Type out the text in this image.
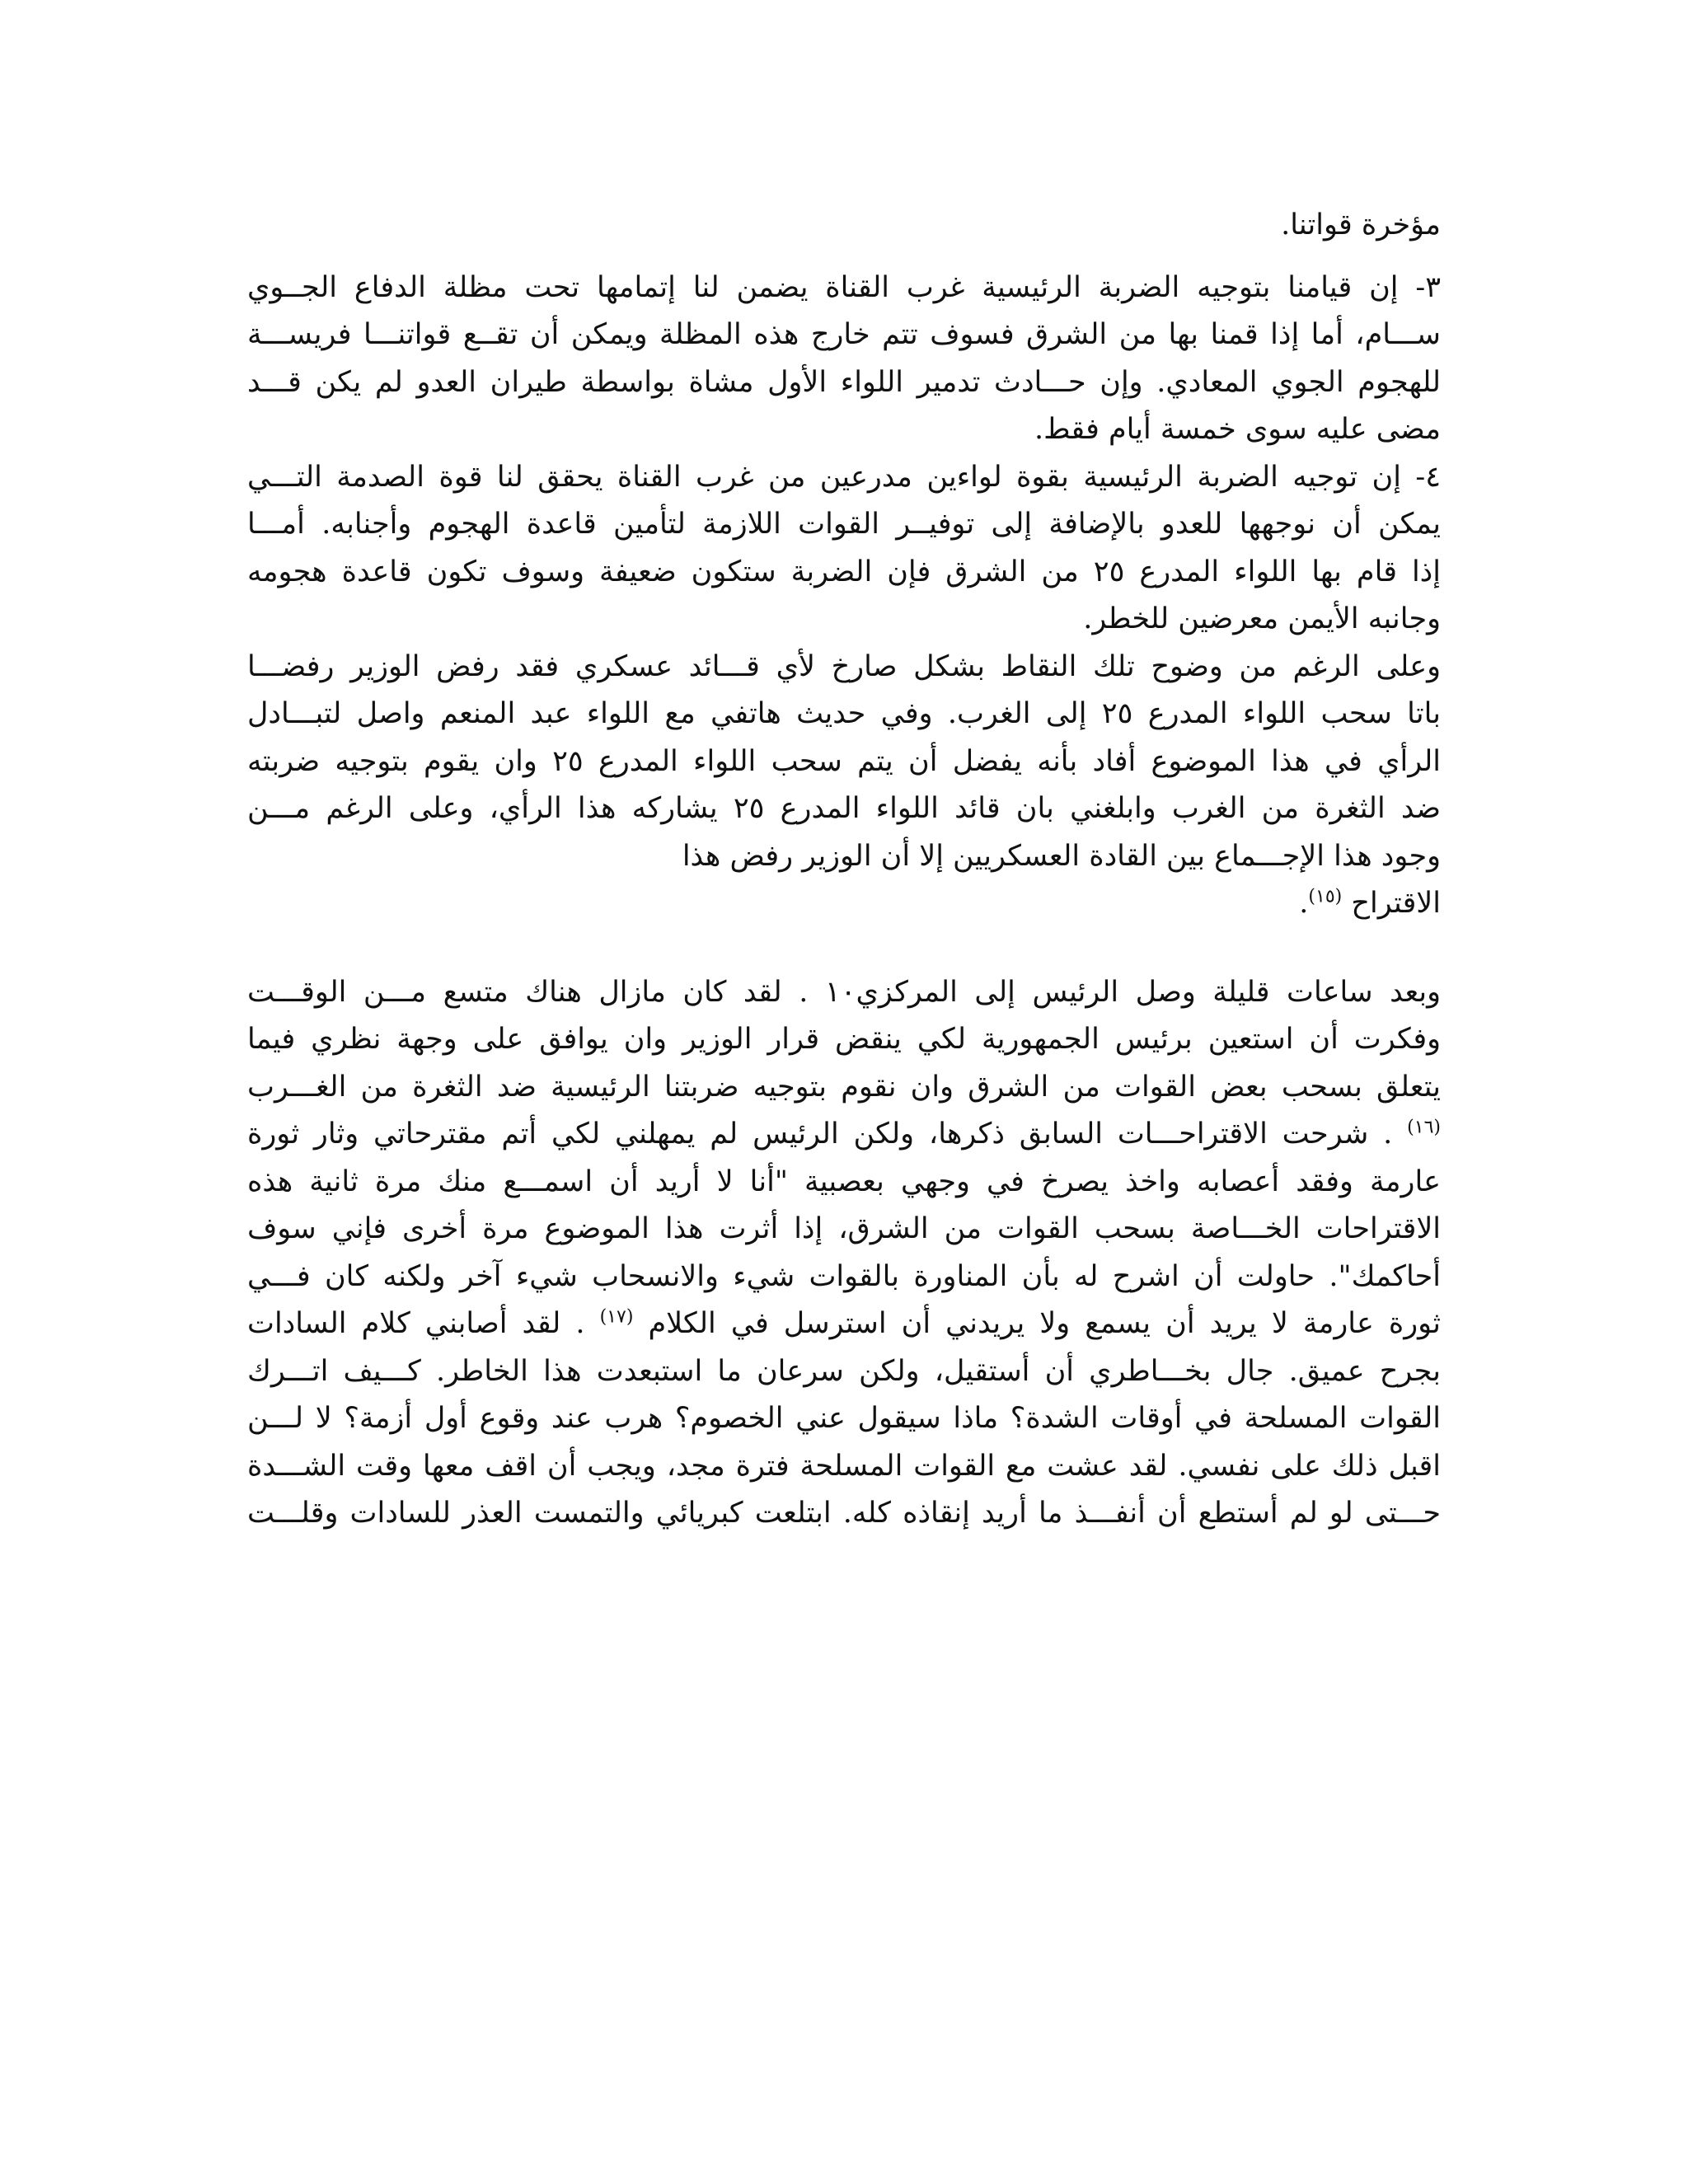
مؤخرة قواتنا.
٣- إن قيامنا بتوجيه الضربة الرئيسية غرب القناة يضمن لنا إتمامها تحت مظلة الدفاع الجــوي
ســـام، أما إذا قمنا بها من الشرق فسوف تتم خارج هذه المظلة ويمكن أن تقــع قواتنـــا فريســـة
للهجوم الجوي المعادي. وإن حـــادث تدمير اللواء الأول مشاة بواسطة طيران العدو لم يكن قـــد
مضى عليه سوى خمسة أيام فقط.
٤- إن توجيه الضربة الرئيسية بقوة لواءين مدرعين من غرب القناة يحقق لنا قوة الصدمة التـــي
يمكن أن نوجهها للعدو بالإضافة إلى توفيــر القوات اللازمة لتأمين قاعدة الهجوم وأجنابه. أمـــا
إذا قام بها اللواء المدرع ٢٥ من الشرق فإن الضربة ستكون ضعيفة وسوف تكون قاعدة هجومه
وجانبه الأيمن معرضين للخطر.
وعلى الرغم من وضوح تلك النقاط بشكل صارخ لأي قـــائد عسكري فقد رفض الوزير رفضـــا
باتا سحب اللواء المدرع ٢٥ إلى الغرب. وفي حديث هاتفي مع اللواء عبد المنعم واصل لتبـــادل
الرأي في هذا الموضوع أفاد بأنه يفضل أن يتم سحب اللواء المدرع ٢٥ وان يقوم بتوجيه ضربته
ضد الثغرة من الغرب وابلغني بان قائد اللواء المدرع ٢٥ يشاركه هذا الرأي، وعلى الرغم مـــن
وجود هذا الإجـــماع بين القادة العسكريين إلا أن الوزير رفض هذا
الاقتراح $^{(١٥)}$.
وبعد ساعات قليلة وصل الرئيس إلى المركزي١٠ . لقد كان مازال هناك متسع مـــن الوقـــت
وفكرت أن استعين برئيس الجمهورية لكي ينقض قرار الوزير وان يوافق على وجهة نظري فيما
يتعلق بسحب بعض القوات من الشرق وان نقوم بتوجيه ضربتنا الرئيسية ضد الثغرة من الغـــرب
$^{(١٦)}$ . شرحت الاقتراحـــات السابق ذكرها، ولكن الرئيس لم يمهلني لكي أتم مقترحاتي وثار ثورة
عارمة وفقد أعصابه واخذ يصرخ في وجهي بعصبية "أنا لا أريد أن اسمـــع منك مرة ثانية هذه
الاقتراحات الخـــاصة بسحب القوات من الشرق، إذا أثرت هذا الموضوع مرة أخرى فإني سوف
أحاكمك". حاولت أن اشرح له بأن المناورة بالقوات شيء والانسحاب شيء آخر ولكنه كان فـــي
ثورة عارمة لا يريد أن يسمع ولا يريدني أن استرسل في الكلام $^{(١٧)}$ . لقد أصابني كلام السادات
بجرح عميق. جال بخـــاطري أن أستقيل، ولكن سرعان ما استبعدت هذا الخاطر. كـــيف اتـــرك
القوات المسلحة في أوقات الشدة؟ ماذا سيقول عني الخصوم؟ هرب عند وقوع أول أزمة؟ لا لـــن
اقبل ذلك على نفسي. لقد عشت مع القوات المسلحة فترة مجد، ويجب أن اقف معها وقت الشـــدة
حـــتى لو لم أستطع أن أنفـــذ ما أريد إنقاذه كله. ابتلعت كبريائي والتمست العذر للسادات وقلـــت
